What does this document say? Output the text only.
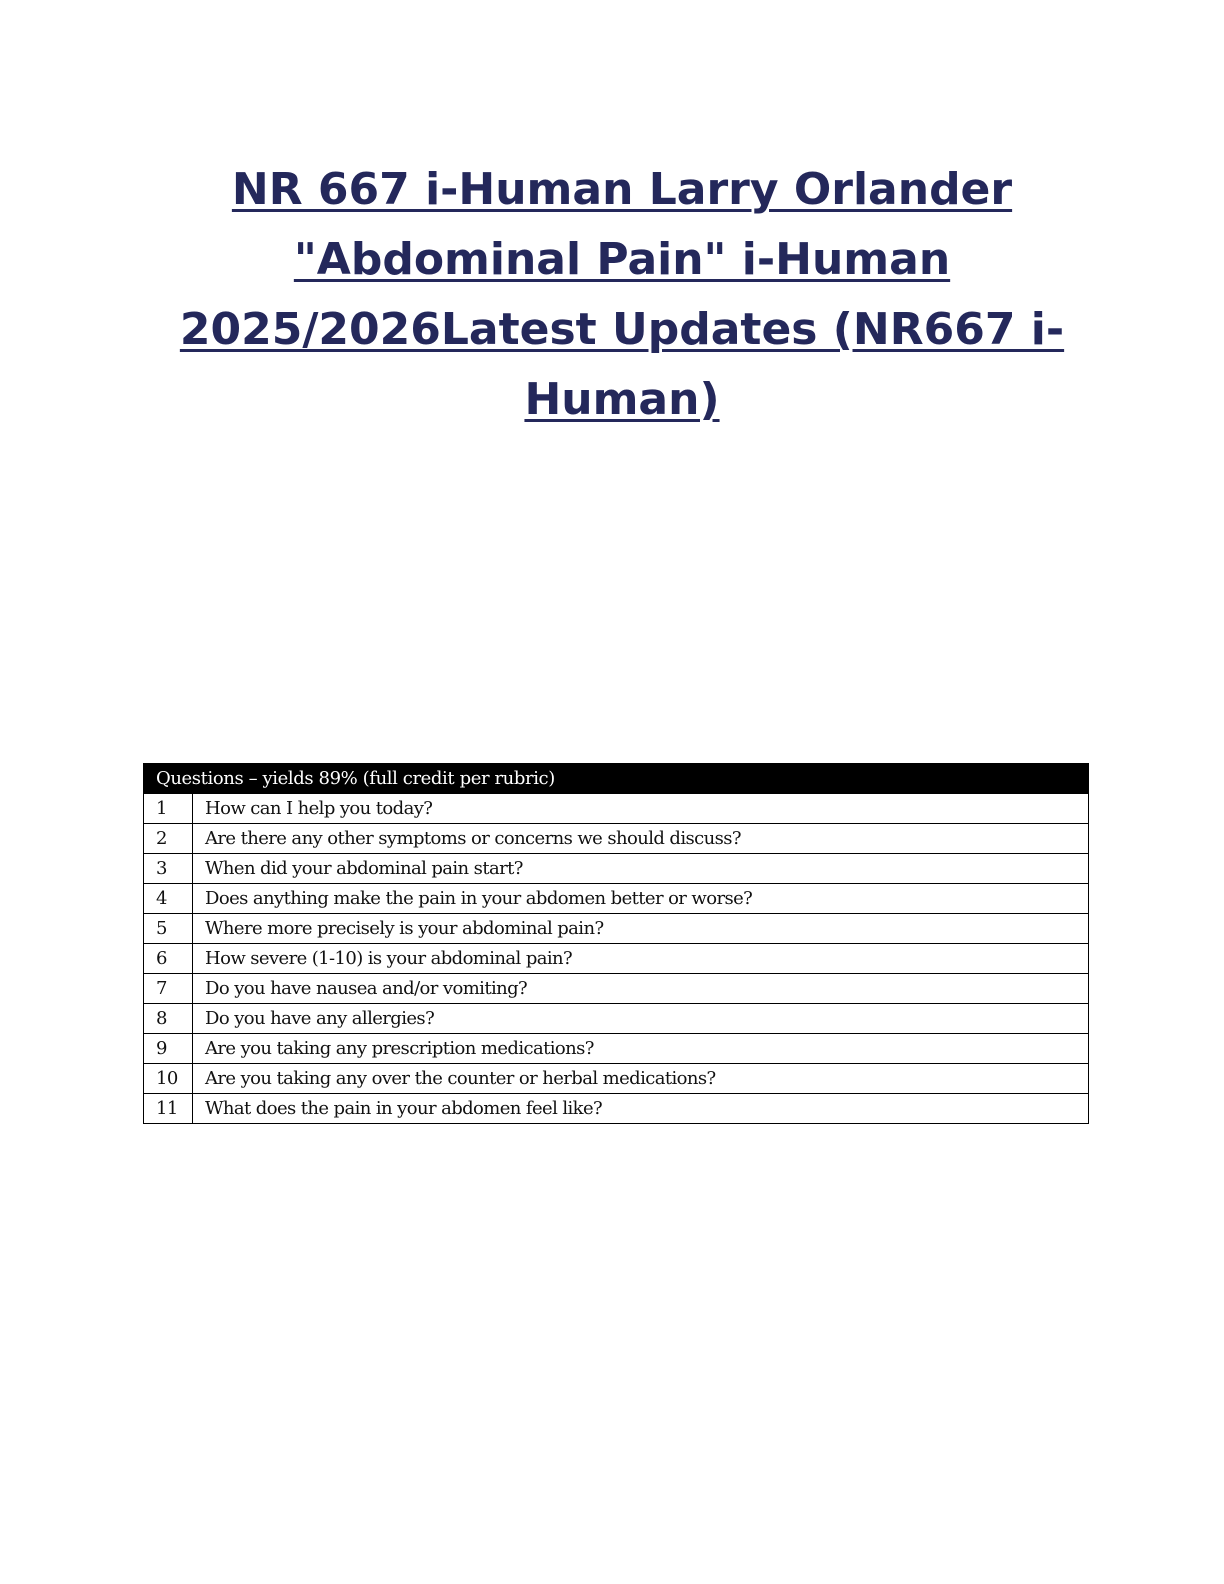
NR 667 i-Human Larry Orlander
"Abdominal Pain" i-Human
2025/2026Latest Updates (NR667 i-
Human)
Questions – yields 89% (full credit per rubric)	
1	How can I help you today?
2	Are there any other symptoms or concerns we should discuss?
3	When did your abdominal pain start?
4	Does anything make the pain in your abdomen better or worse?
5	Where more precisely is your abdominal pain?
6	How severe (1-10) is your abdominal pain?
7	Do you have nausea and/or vomiting?
8	Do you have any allergies?
9	Are you taking any prescription medications?
10	Are you taking any over the counter or herbal medications?
11	What does the pain in your abdomen feel like?
